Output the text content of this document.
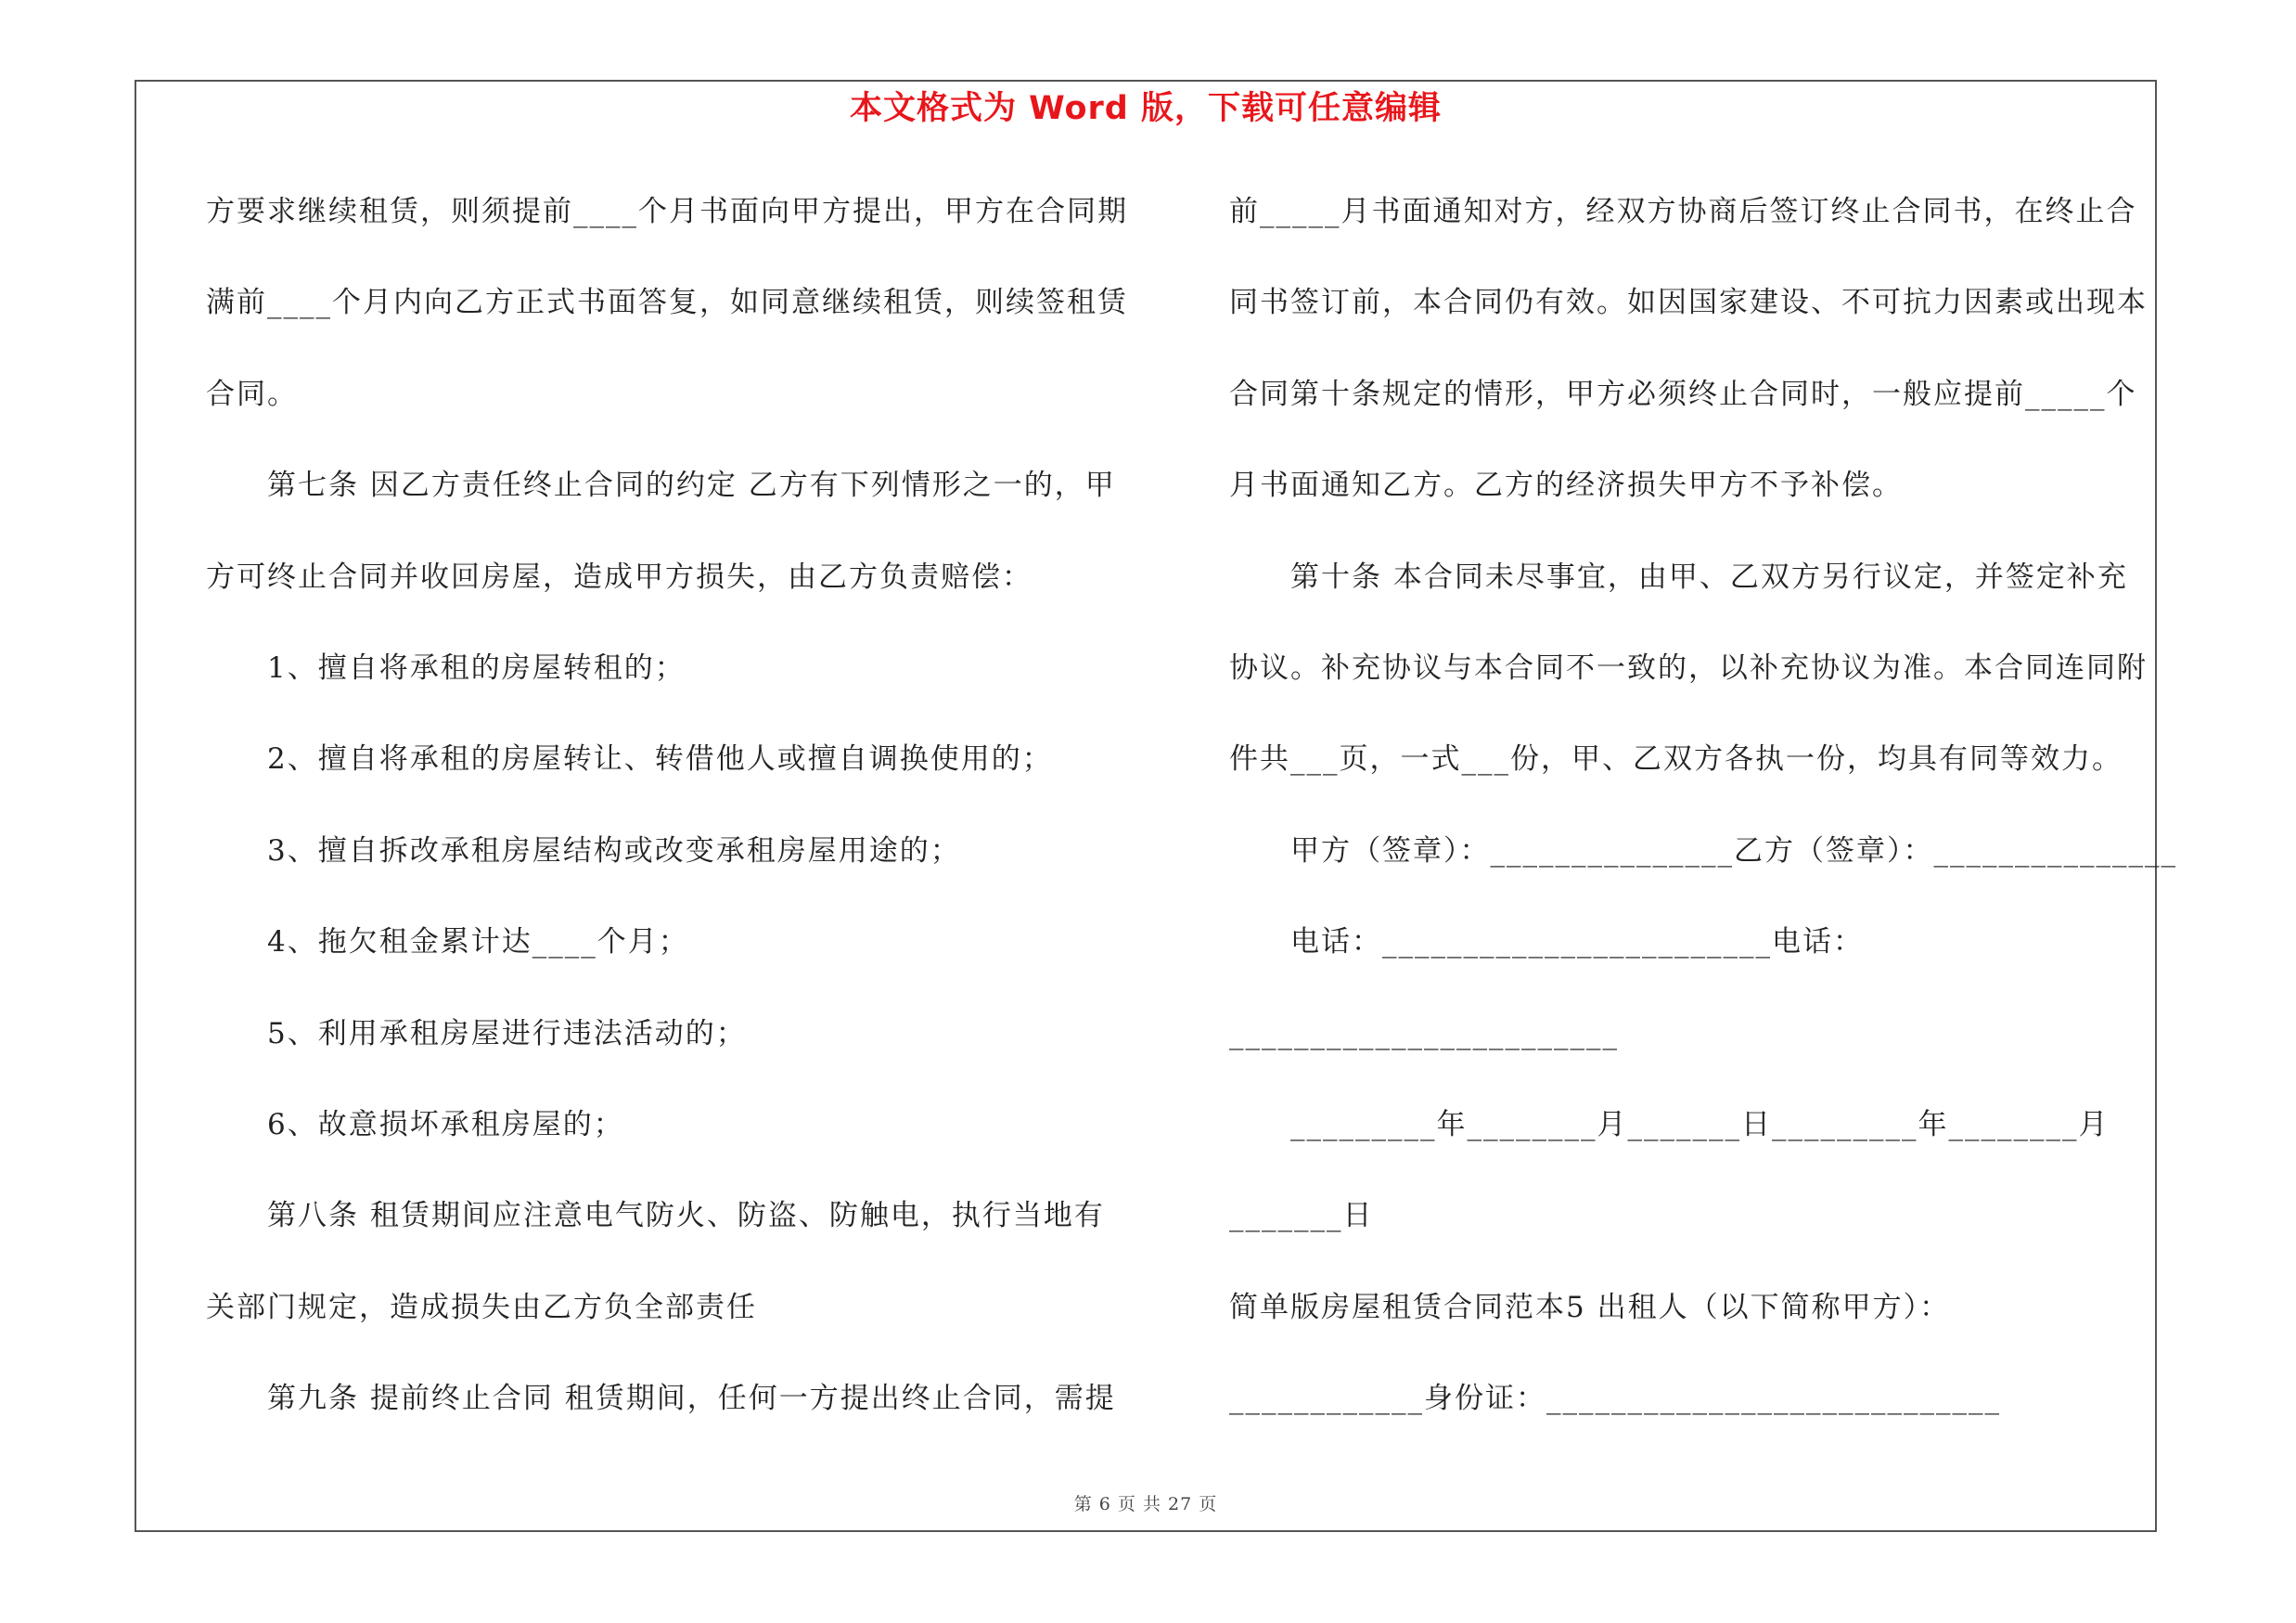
本文格式为 Word 版，下载可任意编辑
方要求继续租赁，则须提前____个月书面向甲方提出，甲方在合同期
满前____个月内向乙方正式书面答复，如同意继续租赁，则续签租赁
合同。
第七条 因乙方责任终止合同的约定 乙方有下列情形之一的，甲
方可终止合同并收回房屋，造成甲方损失，由乙方负责赔偿：
1、擅自将承租的房屋转租的；
2、擅自将承租的房屋转让、转借他人或擅自调换使用的；
3、擅自拆改承租房屋结构或改变承租房屋用途的；
4、拖欠租金累计达____个月；
5、利用承租房屋进行违法活动的；
6、故意损坏承租房屋的；
第八条 租赁期间应注意电气防火、防盗、防触电，执行当地有
关部门规定，造成损失由乙方负全部责任
第九条 提前终止合同 租赁期间，任何一方提出终止合同，需提
前_____月书面通知对方，经双方协商后签订终止合同书，在终止合
同书签订前，本合同仍有效。如因国家建设、不可抗力因素或出现本
合同第十条规定的情形，甲方必须终止合同时，一般应提前_____个
月书面通知乙方。乙方的经济损失甲方不予补偿。
第十条 本合同未尽事宜，由甲、乙双方另行议定，并签定补充
协议。补充协议与本合同不一致的，以补充协议为准。本合同连同附
件共___页，一式___份，甲、乙双方各执一份，均具有同等效力。
甲方（签章）：_______________乙方（签章）：_______________
电话：________________________电话：
________________________
_________年________月_______日_________年________月
_______日
简单版房屋租赁合同范本5 出租人（以下简称甲方）：
____________身份证：____________________________
第 6 页 共 27 页
